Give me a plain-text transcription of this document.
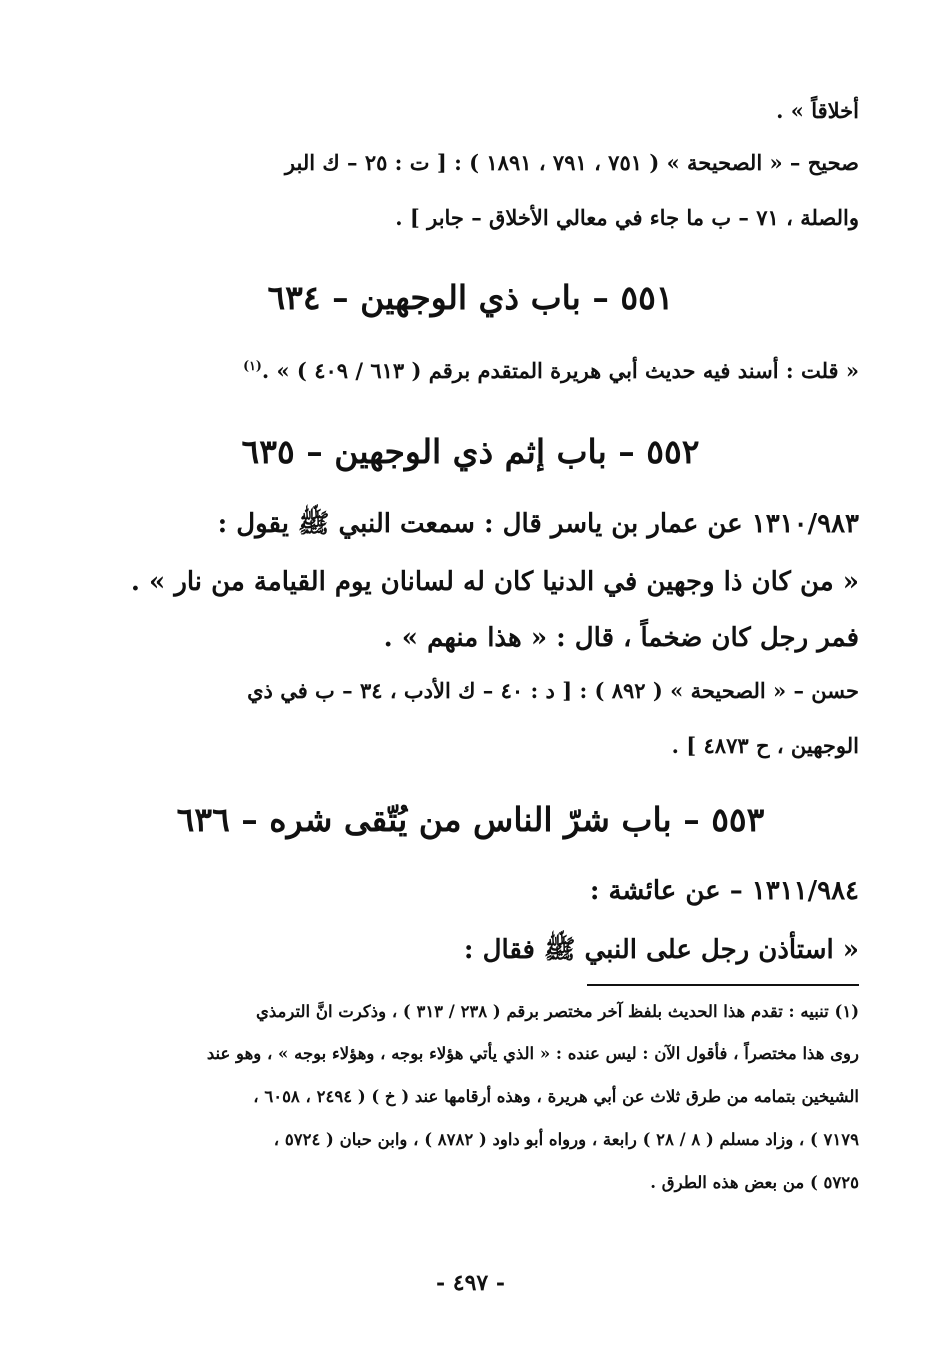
أخلاقاً » .

صحيح – « الصحيحة » ( ٧٥١ ، ٧٩١ ، ١٨٩١ ) : [ ت : ٢٥ – ك البر

والصلة ، ٧١ – ب ما جاء في معالي الأخلاق – جابر ] .

٥٥١ – باب ذي الوجهين – ٦٣٤

« قلت : أسند فيه حديث أبي هريرة المتقدم برقم ( ٦١٣ / ٤٠٩ ) » .$^{(١)}$

٥٥٢ – باب إثم ذي الوجهين – ٦٣٥

١٣١٠/٩٨٣ عن عمار بن ياسر قال : سمعت النبي ﷺ يقول :

« من كان ذا وجهين في الدنيا كان له لسانان يوم القيامة من نار » .

فمر رجل كان ضخماً ، قال : « هذا منهم » .

حسن – « الصحيحة » ( ٨٩٢ ) : [ د : ٤٠ – ك الأدب ، ٣٤ – ب في ذي

الوجهين ، ح ٤٨٧٣ ] .

٥٥٣ – باب شرّ الناس من يُتّقى شره – ٦٣٦

١٣١١/٩٨٤ – عن عائشة :

« استأذن رجل على النبي ﷺ فقال :

(١) تنبيه : تقدم هذا الحديث بلفظ آخر مختصر برقم ( ٢٣٨ / ٣١٣ ) ، وذكرت انَّ الترمذي

روى هذا مختصراً ، فأقول الآن : ليس عنده : « الذي يأتي هؤلاء بوجه ، وهؤلاء بوجه » ، وهو عند

الشيخين بتمامه من طرق ثلاث عن أبي هريرة ، وهذه أرقامها عند ( خ ) ( ٢٤٩٤ ، ٦٠٥٨ ،

٧١٧٩ ) ، وزاد مسلم ( ٨ / ٢٨ ) رابعة ، ورواه أبو داود ( ٨٧٨٢ ) ، وابن حبان ( ٥٧٢٤ ،

٥٧٢٥ ) من بعض هذه الطرق .

- ٤٩٧ -
